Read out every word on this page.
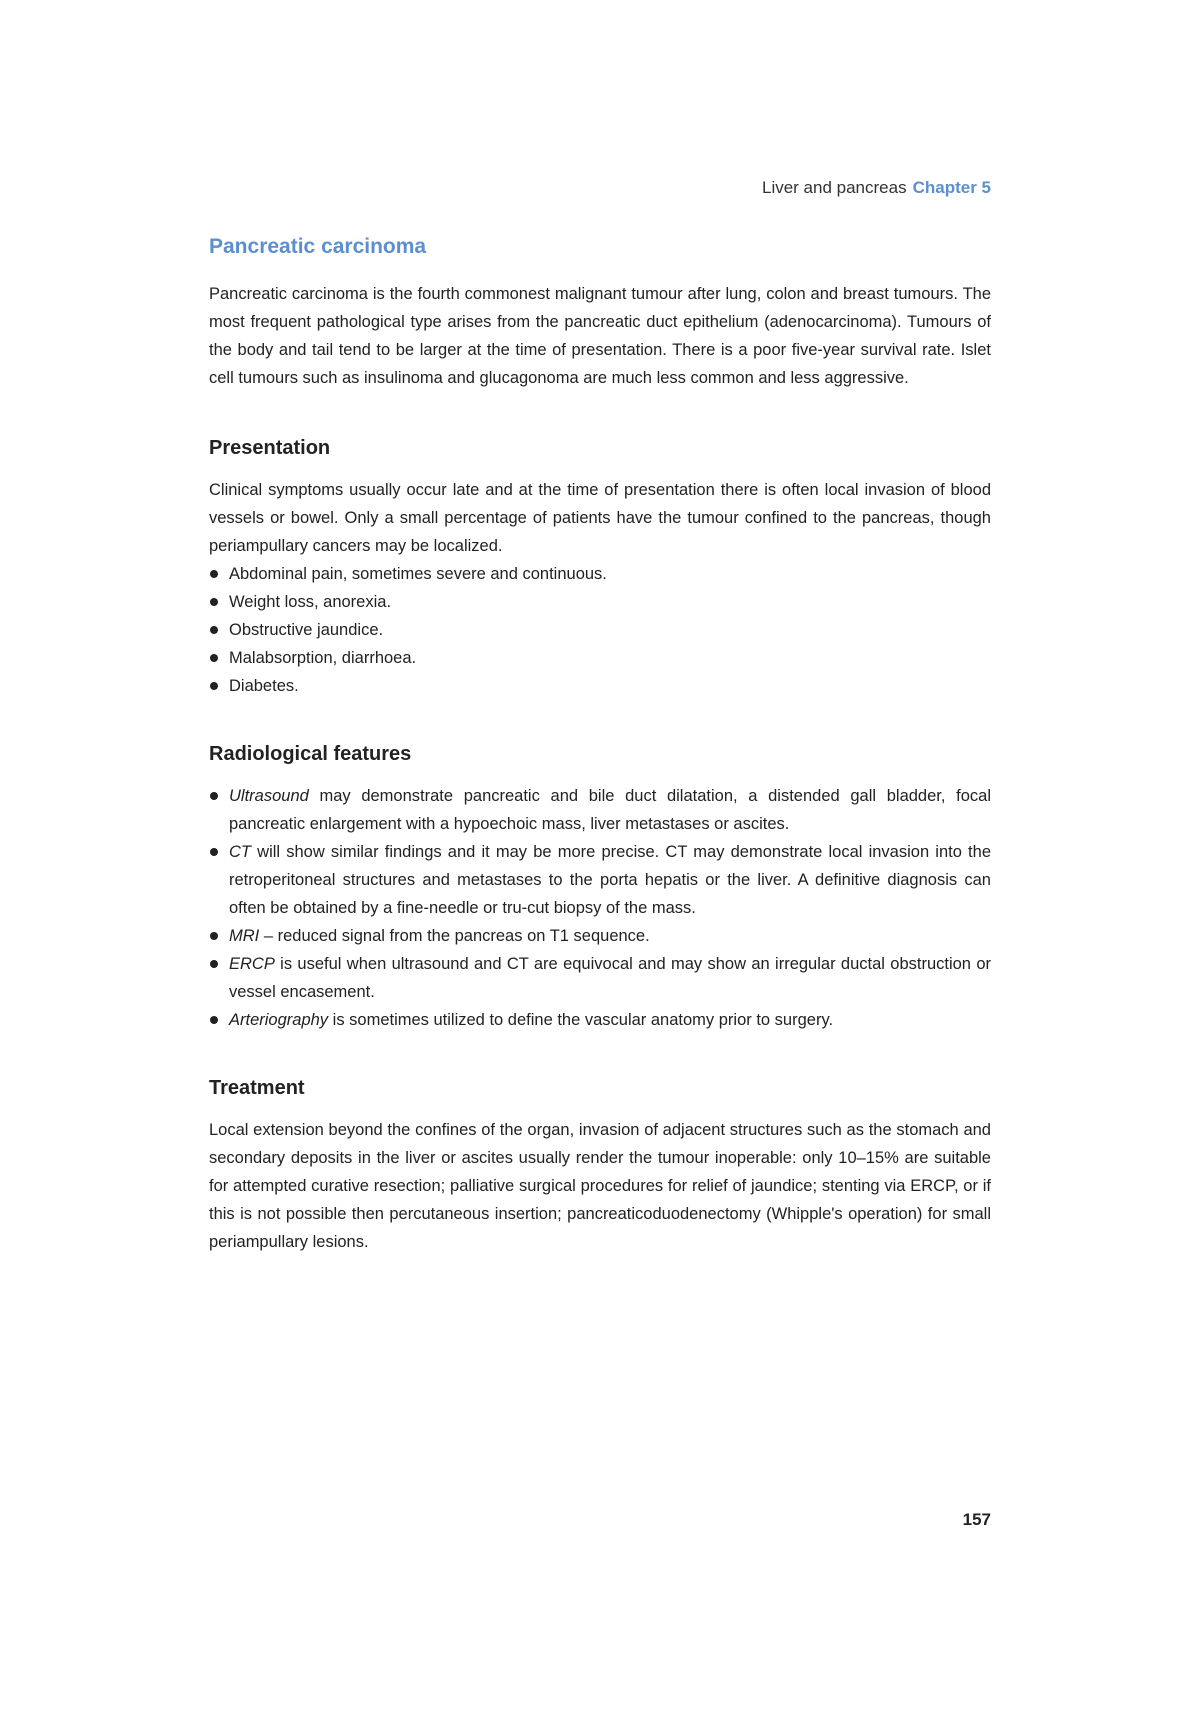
Liver and pancreas Chapter 5
Pancreatic carcinoma

Pancreatic carcinoma is the fourth commonest malignant tumour after lung, colon and breast tumours. The most frequent pathological type arises from the pancreatic duct epithelium (adenocarcinoma). Tumours of the body and tail tend to be larger at the time of presentation. There is a poor five-year survival rate. Islet cell tumours such as insulinoma and glucagonoma are much less common and less aggressive.

Presentation

Clinical symptoms usually occur late and at the time of presentation there is often local invasion of blood vessels or bowel. Only a small percentage of patients have the tumour confined to the pancreas, though periampullary cancers may be localized.

Abdominal pain, sometimes severe and continuous.
Weight loss, anorexia.
Obstructive jaundice.
Malabsorption, diarrhoea.
Diabetes.
Radiological features
Ultrasound may demonstrate pancreatic and bile duct dilatation, a distended gall bladder, focal pancreatic enlargement with a hypoechoic mass, liver metastases or ascites.
CT will show similar findings and it may be more precise. CT may demonstrate local invasion into the retroperitoneal structures and metastases to the porta hepatis or the liver. A definitive diagnosis can often be obtained by a fine-needle or tru-cut biopsy of the mass.
MRI – reduced signal from the pancreas on T1 sequence.
ERCP is useful when ultrasound and CT are equivocal and may show an irregular ductal obstruction or vessel encasement.
Arteriography is sometimes utilized to define the vascular anatomy prior to surgery.
Treatment

Local extension beyond the confines of the organ, invasion of adjacent structures such as the stomach and secondary deposits in the liver or ascites usually render the tumour inoperable: only 10–15% are suitable for attempted curative resection; palliative surgical procedures for relief of jaundice; stenting via ERCP, or if this is not possible then percutaneous insertion; pancreaticoduodenectomy (Whipple's operation) for small periampullary lesions.

157
